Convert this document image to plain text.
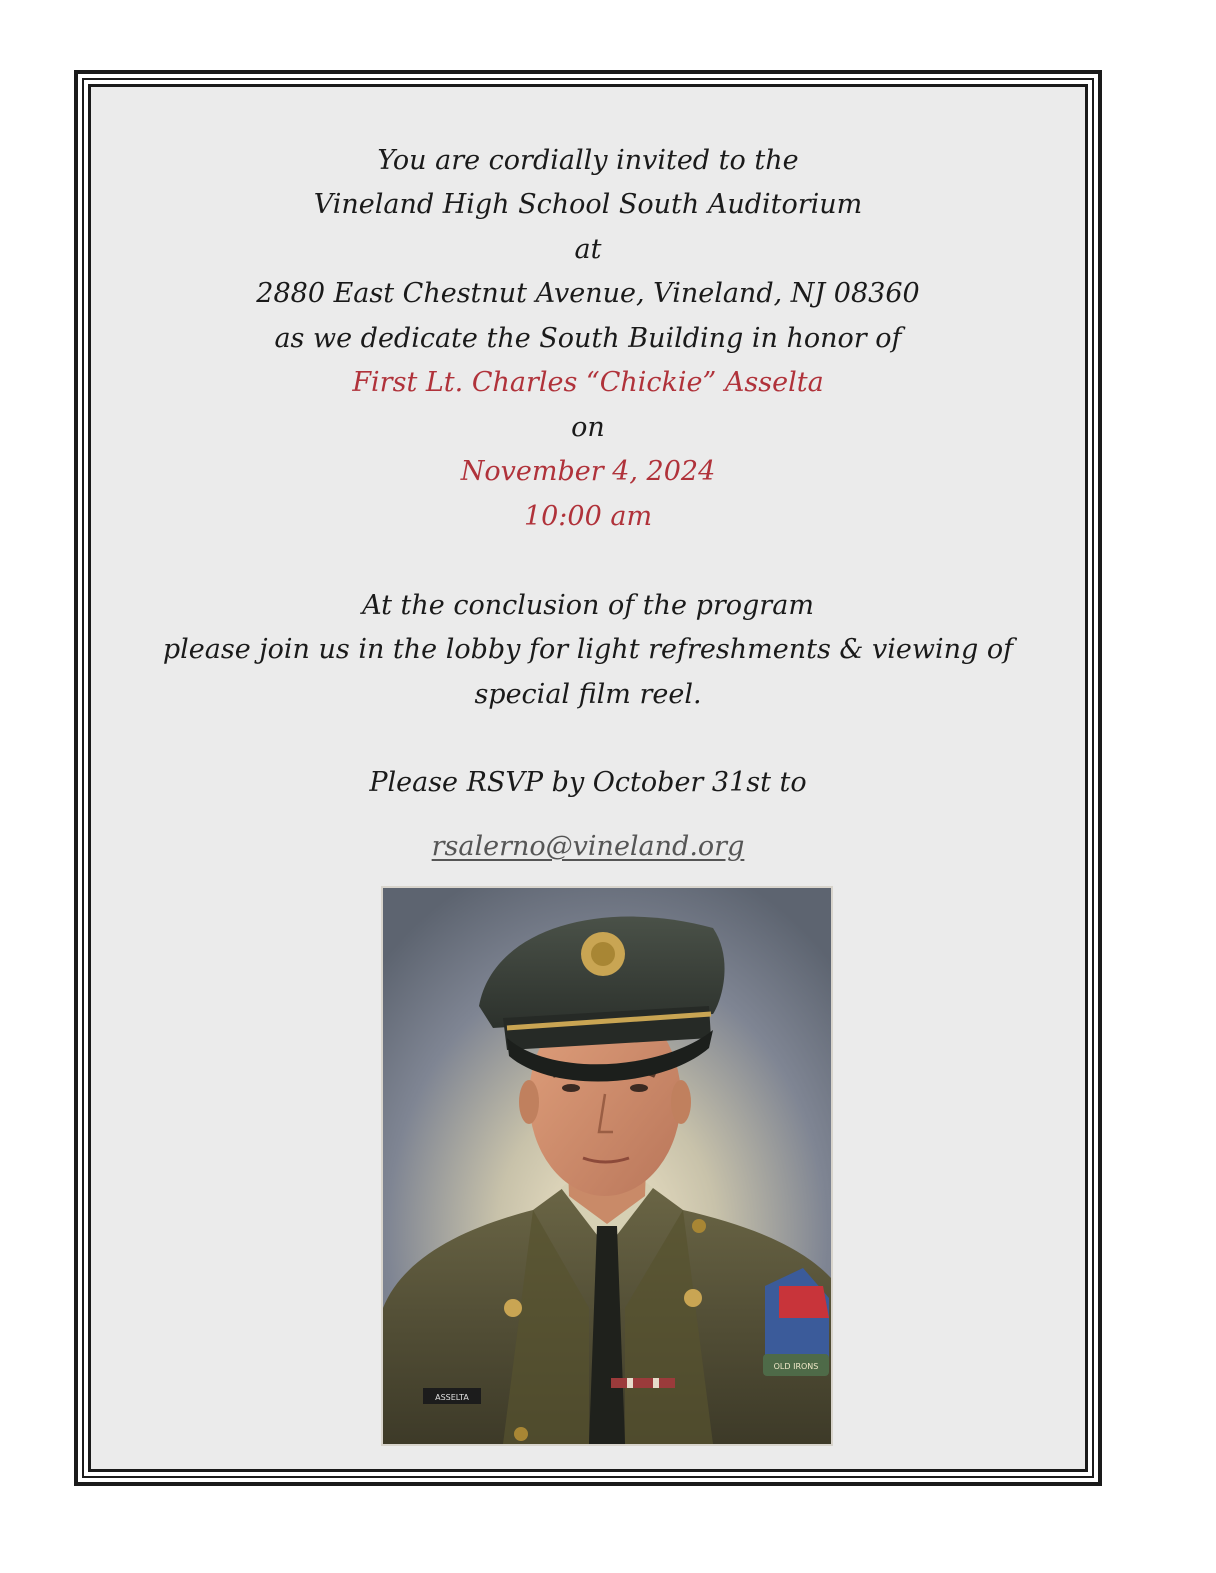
You are cordially invited to the
Vineland High School South Auditorium
at
2880 East Chestnut Avenue, Vineland, NJ 08360
as we dedicate the South Building in honor of
First Lt. Charles “Chickie” Asselta
on
November 4, 2024
10:00 am
At the conclusion of the program
please join us in the lobby for light refreshments & viewing of
special film reel.
Please RSVP by October 31st to
rsalerno@vineland.org
OLD IRONS
ASSELTA
